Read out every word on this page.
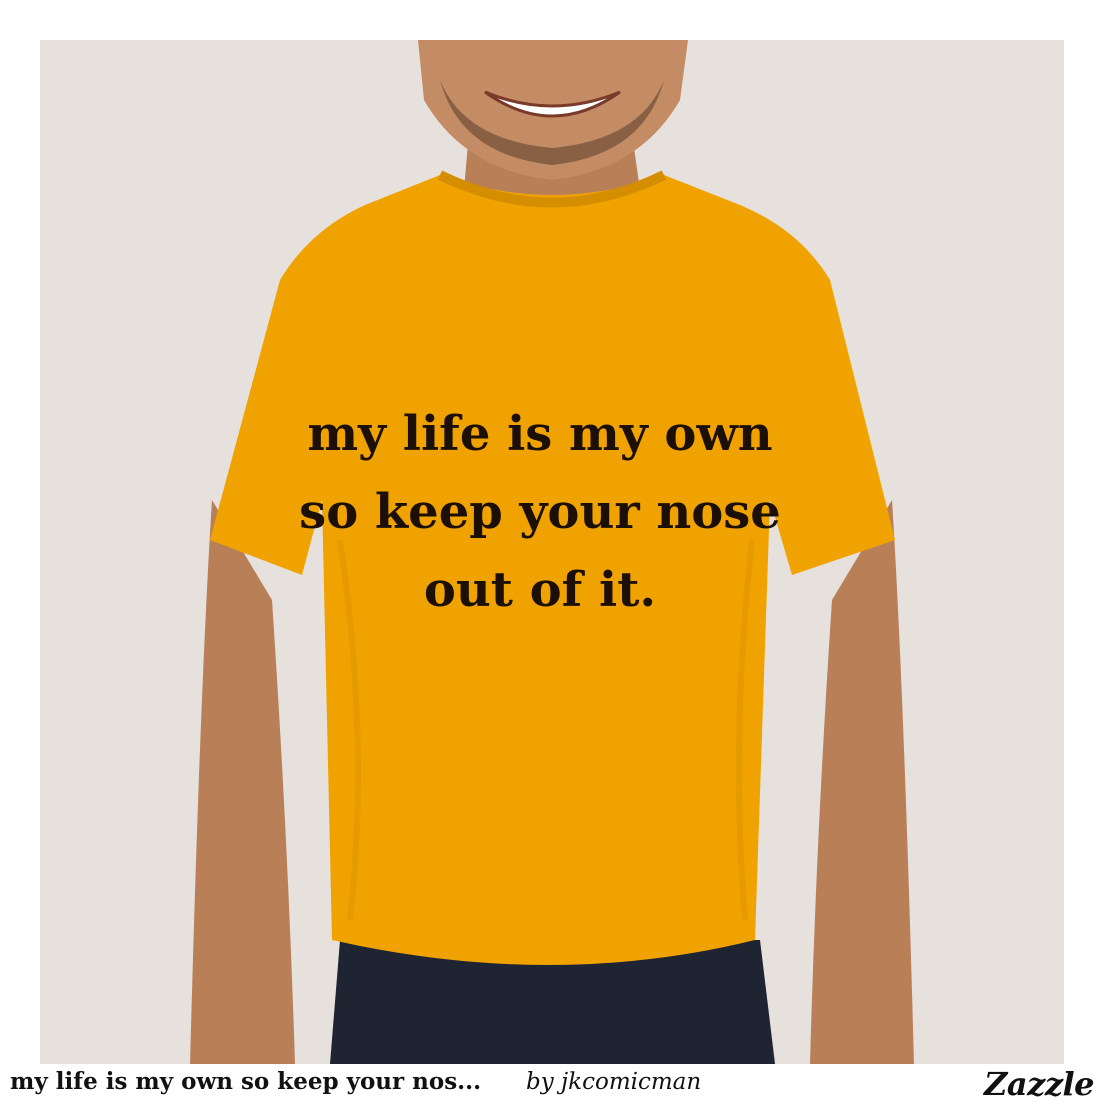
my life is my own
so keep your nose
out of it.
my life is my own so keep your nos... by jkcomicman	Zazzle
